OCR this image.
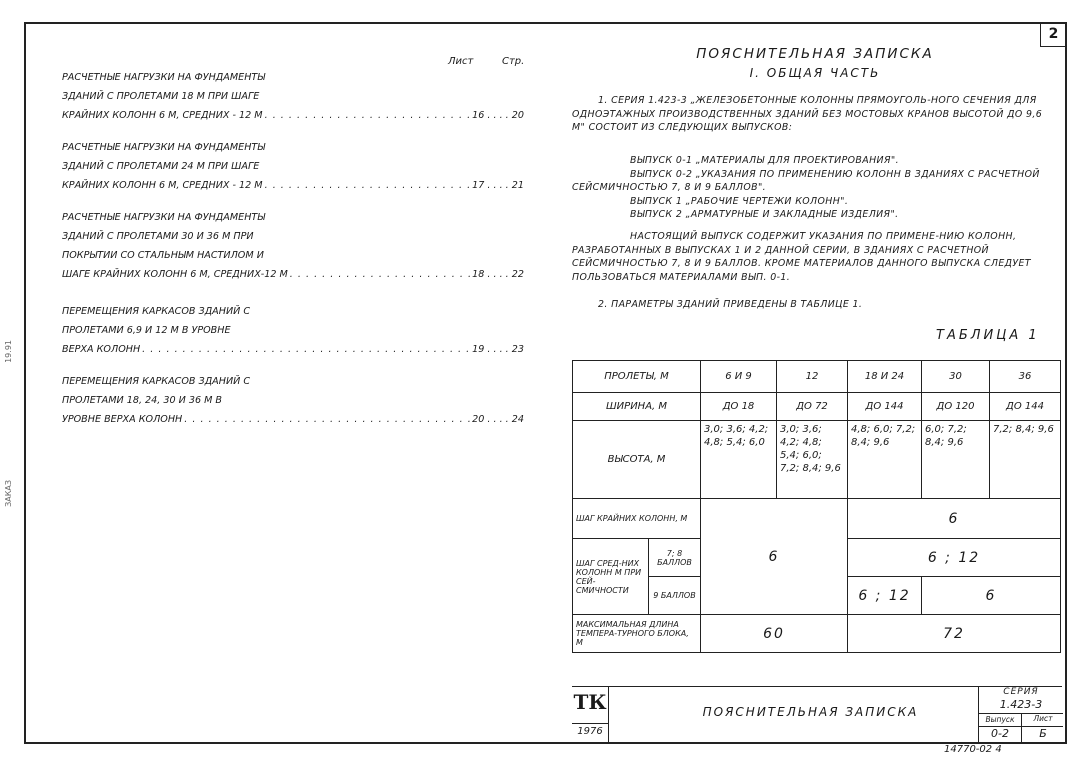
2
19.91
ЗАКАЗ
Лист	Стр.
РАСЧЕТНЫЕ НАГРУЗКИ НА ФУНДАМЕНТЫ
ЗДАНИЙ С ПРОЛЕТАМИ 18 М ПРИ ШАГЕ
КРАЙНИХ КОЛОНН 6 М, СРЕДНИХ - 12 М . . .	16 . . . . 20
РАСЧЕТНЫЕ НАГРУЗКИ НА ФУНДАМЕНТЫ
ЗДАНИЙ С ПРОЛЕТАМИ 24 М ПРИ ШАГЕ
КРАЙНИХ КОЛОНН 6 М, СРЕДНИХ - 12 М . . .	17 . . . . 21
РАСЧЕТНЫЕ НАГРУЗКИ НА ФУНДАМЕНТЫ
ЗДАНИЙ С ПРОЛЕТАМИ 30 И 36 М ПРИ
ПОКРЫТИИ СО СТАЛЬНЫМ НАСТИЛОМ И
ШАГЕ КРАЙНИХ КОЛОНН 6 М, СРЕДНИХ-12 М . . .	18 . . . . 22
ПЕРЕМЕЩЕНИЯ КАРКАСОВ ЗДАНИЙ С
ПРОЛЕТАМИ 6,9 И 12 М В УРОВНЕ
ВЕРХА КОЛОНН . . .	19 . . . . 23
ПЕРЕМЕЩЕНИЯ КАРКАСОВ ЗДАНИЙ С
ПРОЛЕТАМИ 18, 24, 30 И 36 М В
УРОВНЕ ВЕРХА КОЛОНН . . .	20 . . . . 24
ПОЯСНИТЕЛЬНАЯ ЗАПИСКА
I. ОБЩАЯ ЧАСТЬ
1. СЕРИЯ 1.423-3 „ЖЕЛЕЗОБЕТОННЫЕ КОЛОННЫ ПРЯМОУГОЛЬ-НОГО СЕЧЕНИЯ ДЛЯ ОДНОЭТАЖНЫХ ПРОИЗВОДСТВЕННЫХ ЗДАНИЙ БЕЗ МОСТОВЫХ КРАНОВ ВЫСОТОЙ ДО 9,6 М" СОСТОИТ ИЗ СЛЕДУЮЩИХ ВЫПУСКОВ:
ВЫПУСК 0-1 „МАТЕРИАЛЫ ДЛЯ ПРОЕКТИРОВАНИЯ".
ВЫПУСК 0-2 „УКАЗАНИЯ ПО ПРИМЕНЕНИЮ КОЛОНН В ЗДАНИЯХ С РАСЧЕТНОЙ СЕЙСМИЧНОСТЬЮ 7, 8 И 9 БАЛЛОВ".
ВЫПУСК 1 „РАБОЧИЕ ЧЕРТЕЖИ КОЛОНН".
ВЫПУСК 2 „АРМАТУРНЫЕ И ЗАКЛАДНЫЕ ИЗДЕЛИЯ".
НАСТОЯЩИЙ ВЫПУСК СОДЕРЖИТ УКАЗАНИЯ ПО ПРИМЕНЕ-НИЮ КОЛОНН, РАЗРАБОТАННЫХ В ВЫПУСКАХ 1 И 2 ДАННОЙ СЕРИИ, В ЗДАНИЯХ С РАСЧЕТНОЙ СЕЙСМИЧНОСТЬЮ 7, 8 И 9 БАЛЛОВ. КРОМЕ МАТЕРИАЛОВ ДАННОГО ВЫПУСКА СЛЕДУЕТ ПОЛЬЗОВАТЬСЯ МАТЕРИАЛАМИ ВЫП. 0-1.
2. ПАРАМЕТРЫ ЗДАНИЙ ПРИВЕДЕНЫ В ТАБЛИЦЕ 1.
ТАБЛИЦА 1
ПРОЛЕТЫ, М		6 И 9	12	18 И 24	30	36
ШИРИНА, М		ДО 18	ДО 72	ДО 144	ДО 120	ДО 144
ВЫСОТА, М		3,0; 3,6; 4,2; 4,8; 5,4; 6,0	3,0; 3,6; 4,2; 4,8; 5,4; 6,0; 7,2; 8,4; 9,6	4,8; 6,0; 7,2; 8,4; 9,6	6,0; 7,2; 8,4; 9,6	7,2; 8,4; 9,6
ШАГ КРАЙНИХ КОЛОНН, М		6		6		
ШАГ СРЕД-НИХ КОЛОНН М ПРИ СЕЙ-СМИЧНОСТИ	7; 8 БАЛЛОВ			6 ; 12		
	9 БАЛЛОВ			6 ; 12	6	
МАКСИМАЛЬНАЯ ДЛИНА ТЕМПЕРА-ТУРНОГО БЛОКА, М		60		72		
ТК
1976
ПОЯСНИТЕЛЬНАЯ ЗАПИСКА
СЕРИЯ
1.423-3
Выпуск	Лист
0-2	Б
14770-02 4
